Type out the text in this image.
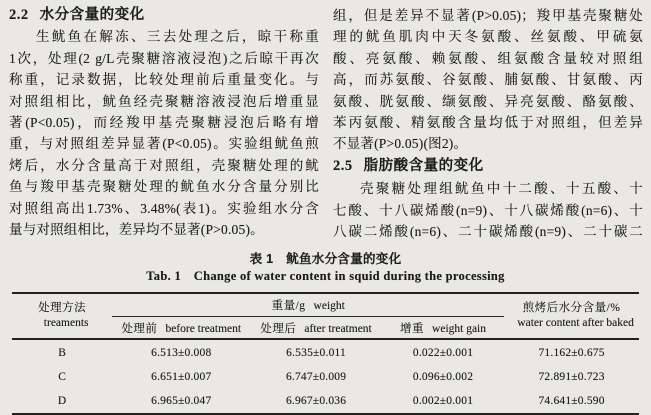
2.2 水分含量的变化
生鱿鱼在解冻、三去处理之后，晾干称重
1次，处理(2 g/L壳聚糖溶液浸泡)之后晾干再次
称重，记录数据，比较处理前后重量变化。与
对照组相比，鱿鱼经壳聚糖溶液浸泡后增重显
著(P<0.05)，而经羧甲基壳聚糖浸泡后略有增
重，与对照组差异显著(P<0.05)。实验组鱿鱼煎
烤后，水分含量高于对照组，壳聚糖处理的鱿
鱼与羧甲基壳聚糖处理的鱿鱼水分含量分别比
对照组高出1.73%、3.48%(表1)。实验组水分含
量与对照组相比，差异均不显著(P>0.05)。
组，但是差异不显著(P>0.05)；羧甲基壳聚糖处
理的鱿鱼肌肉中天冬氨酸、丝氨酸、甲硫氨
酸、亮氨酸、赖氨酸、组氨酸含量较对照组
高，而苏氨酸、谷氨酸、脯氨酸、甘氨酸、丙
氨酸、胱氨酸、缬氨酸、异亮氨酸、酪氨酸、
苯丙氨酸、精氨酸含量均低于对照组，但差异
不显著(P>0.05)(图2)。
2.5 脂肪酸含量的变化
壳聚糖处理组鱿鱼中十二酸、十五酸、十
七酸、十八碳烯酸(n=9)、十八碳烯酸(n=6)、十
八碳二烯酸(n=6)、二十碳烯酸(n=9)、二十碳二
表 1　鱿鱼水分含量的变化
Tab. 1　Change of water content in squid during the processing
处理方法
treaments
	重量/g weight	煎烤后水分含量/%
water content after baked

	处理前 before treatment	处理后 after treatment	增重 weight gain	
B	6.513±0.008	6.535±0.011	0.022±0.001	71.162±0.675
C	6.651±0.007	6.747±0.009	0.096±0.002	72.891±0.723
D	6.965±0.047	6.967±0.036	0.002±0.001	74.641±0.590
